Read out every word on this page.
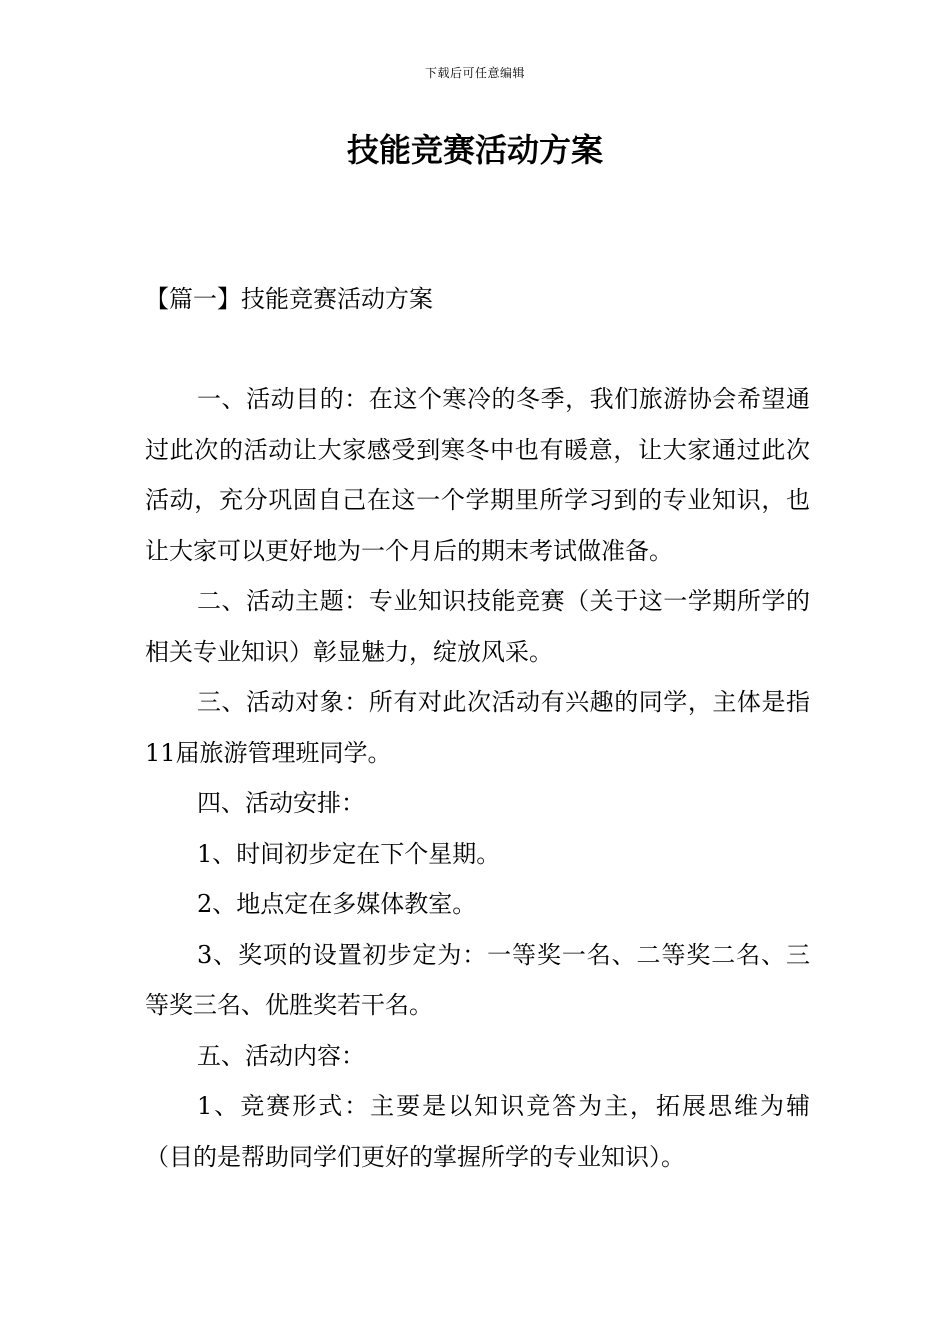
下载后可任意编辑
技能竞赛活动方案

【篇一】技能竞赛活动方案

一、活动目的：在这个寒冷的冬季，我们旅游协会希望通过此次的活动让大家感受到寒冬中也有暖意，让大家通过此次活动，充分巩固自己在这一个学期里所学习到的专业知识，也让大家可以更好地为一个月后的期末考试做准备。

二、活动主题：专业知识技能竞赛（关于这一学期所学的相关专业知识）彰显魅力，绽放风采。

三、活动对象：所有对此次活动有兴趣的同学，主体是指11届旅游管理班同学。

四、活动安排：

1、时间初步定在下个星期。

2、地点定在多媒体教室。

3、奖项的设置初步定为：一等奖一名、二等奖二名、三等奖三名、优胜奖若干名。

五、活动内容：

1、竞赛形式：主要是以知识竞答为主，拓展思维为辅（目的是帮助同学们更好的掌握所学的专业知识）。
